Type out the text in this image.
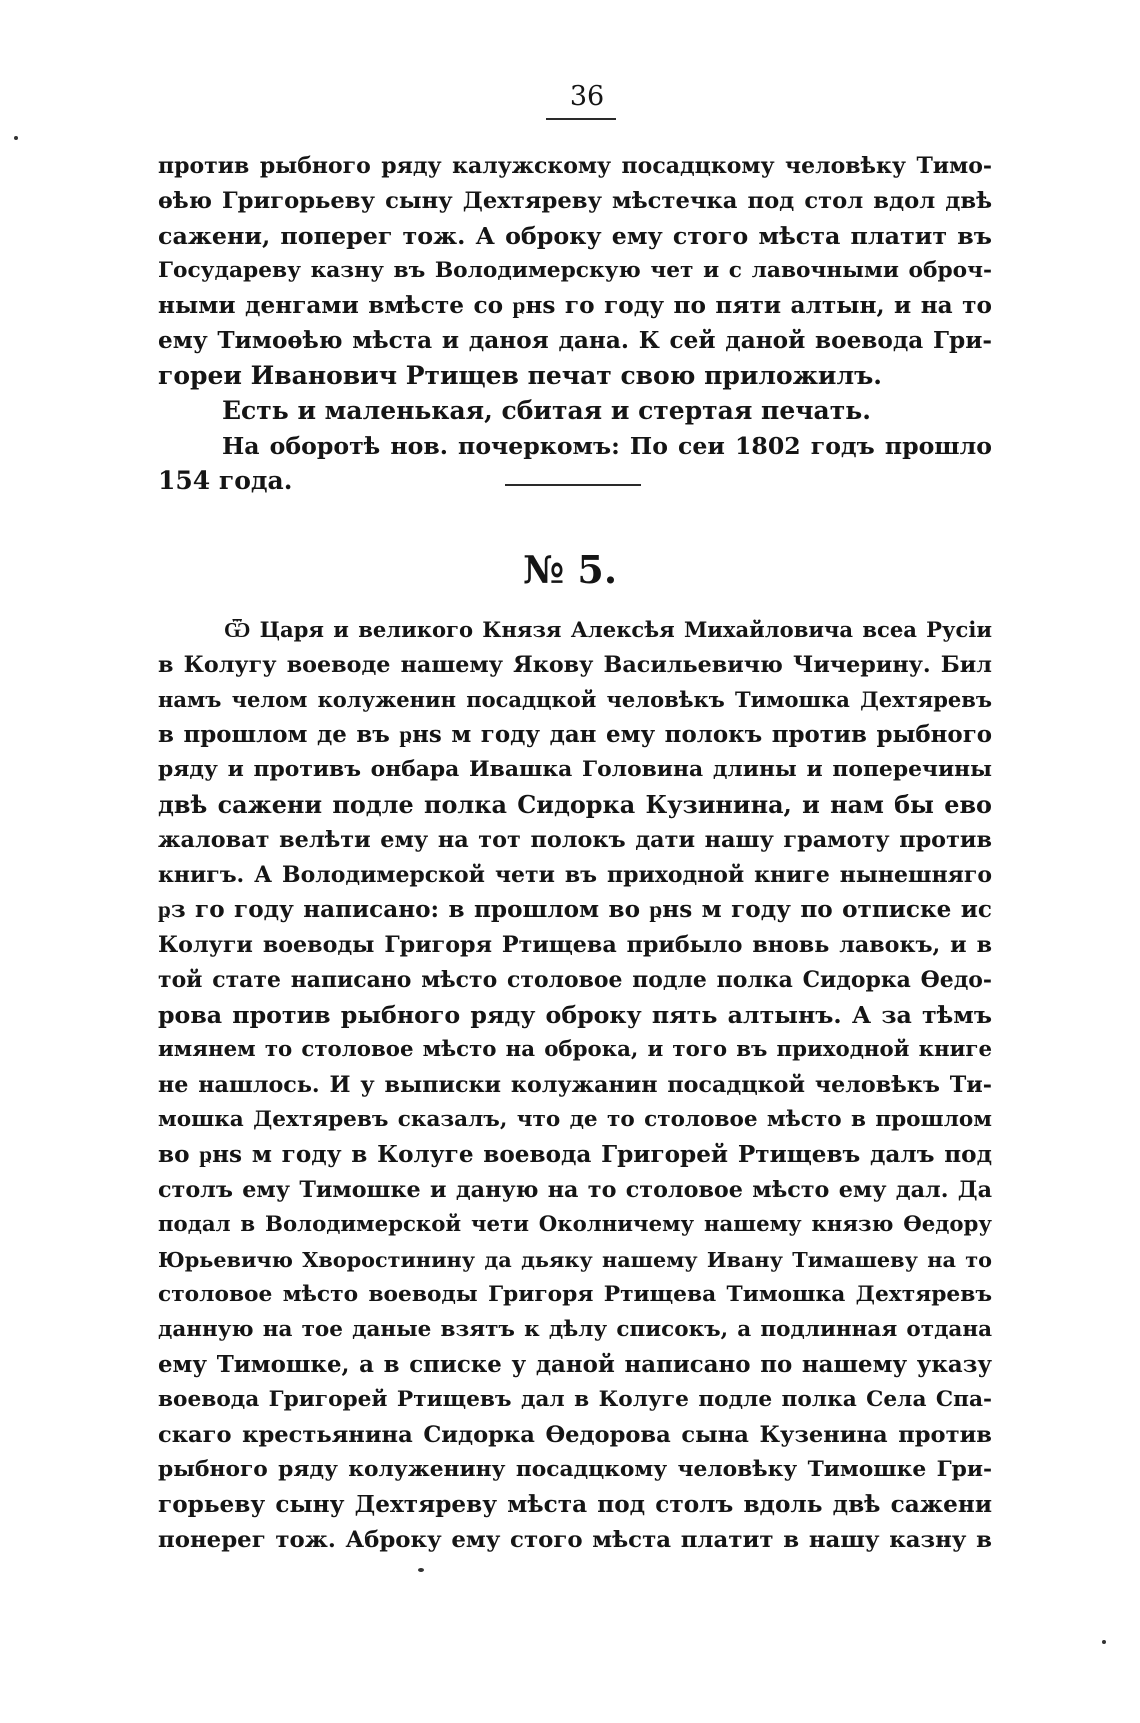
36
против рыбного ряду калужскому посадцкому человѣку Тимо-
ѳѣю Григорьеву сыну Дехтяреву мѣстечка под стол вдол двѣ
сажени, поперег тож. А оброку ему стого мѣста платит въ
Государеву казну въ Володимерскую чет и с лавочными оброч-
ными денгами вмѣсте со ҏнѕ го году по пяти алтын, и на то
ему Тимоѳѣю мѣста и даноя дана. К сей даной воевода Гри-
гореи Иванович Ртищев печат свою приложилъ.
Есть и маленькая, сбитая и стертая печать.
На оборотѣ нов. почеркомъ: По сеи 1802 годъ прошло
154 года.
№ 5.
Ѿ Царя и великого Князя Алексѣя Михайловича всеа Русіи
в Колугу воеводе нашему Якову Васильевичю Чичерину. Бил
намъ челом колуженин посадцкой человѣкъ Тимошка Дехтяревъ
в прошлом де въ ҏнѕ м году дан ему полокъ против рыбного
ряду и противъ онбара Ивашка Головина длины и поперечины
двѣ сажени подле полка Сидорка Кузинина, и нам бы ево
жаловат велѣти ему на тот полокъ дати нашу грамоту против
книгъ. А Володимерской чети въ приходной книге нынешняго
ҏз го году написано: в прошлом во ҏнѕ м году по отписке ис
Колуги воеводы Григоря Ртищева прибыло вновь лавокъ, и в
той стате написано мѣсто столовое подле полка Сидорка Ѳедо-
рова против рыбного ряду оброку пять алтынъ. А за тѣмъ
имянем то столовое мѣсто на оброка, и того въ приходной книге
не нашлось. И у выписки колужанин посадцкой человѣкъ Ти-
мошка Дехтяревъ сказалъ, что де то столовое мѣсто в прошлом
во ҏнѕ м году в Колуге воевода Григорей Ртищевъ далъ под
столъ ему Тимошке и даную на то столовое мѣсто ему дал. Да
подал в Володимерской чети Околничему нашему князю Ѳедору
Юрьевичю Хворостинину да дьяку нашему Ивану Тимашеву на то
столовое мѣсто воеводы Григоря Ртищева Тимошка Дехтяревъ
данную на тое даные взятъ к дѣлу списокъ, а подлинная отдана
ему Тимошке, а в списке у даной написано по нашему указу
воевода Григорей Ртищевъ дал в Колуге подле полка Села Спа-
скаго крестьянина Сидорка Ѳедорова сына Кузенина против
рыбного ряду колуженину посадцкому человѣку Тимошке Гри-
горьеву сыну Дехтяреву мѣста под столъ вдоль двѣ сажени
понерег тож. Аброку ему стого мѣста платит в нашу казну в
